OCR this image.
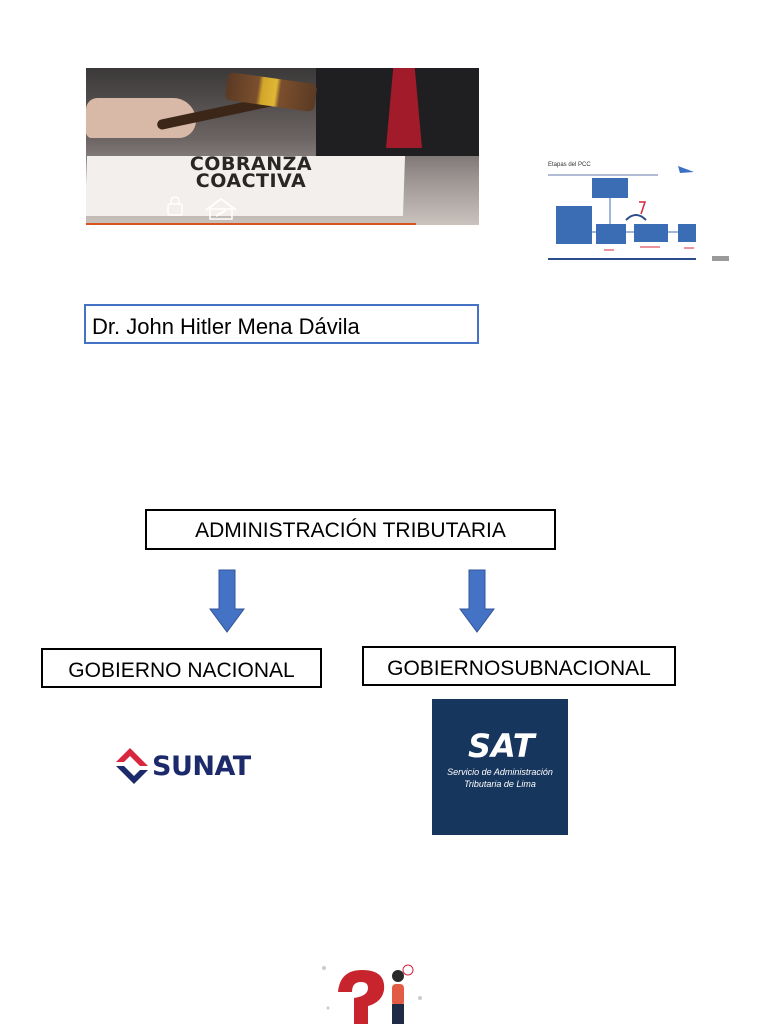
COBRANZA
COACTIVA
Etapas del PCC
Dr. John Hitler Mena Dávila
ADMINISTRACIÓN TRIBUTARIA
GOBIERNO NACIONAL	GOBIERNOSUBNACIONAL
SUNAT
SAT
Servicio de Administración
Tributaria de Lima
